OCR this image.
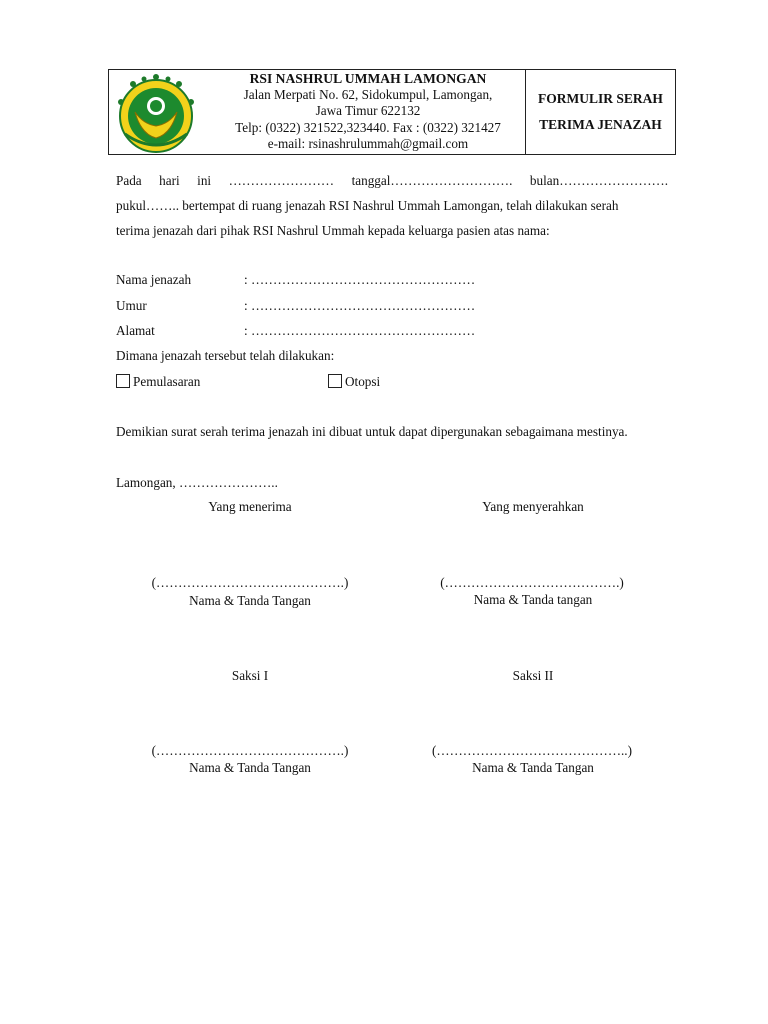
RSI NASHRUL UMMAH LAMONGAN
Jalan Merpati No. 62, Sidokumpul, Lamongan,
Jawa Timur 622132
Telp: (0322) 321522,323440. Fax : (0322) 321427
e-mail: rsinashrulummah@gmail.com
FORMULIR SERAH
TERIMA JENAZAH
Pada hari ini …………………… tanggal………………………. bulan…………………….
pukul…….. bertempat di ruang jenazah RSI Nashrul Ummah Lamongan, telah dilakukan serah
terima jenazah dari pihak RSI Nashrul Ummah kepada keluarga pasien atas nama:
Nama jenazah	: ……………………………………………
Umur	: ……………………………………………
Alamat	: ……………………………………………
Dimana jenazah tersebut telah dilakukan:
Pemulasaran	Otopsi
Demikian surat serah terima jenazah ini dibuat untuk dapat dipergunakan sebagaimana mestinya.
Lamongan, …………………..
Yang menerima	Yang menyerahkan
(…………………………………….)	(………………………………….)
Nama & Tanda Tangan	Nama & Tanda tangan
Saksi I	Saksi II
(…………………………………….)	(……………………………………..)
Nama & Tanda Tangan	Nama & Tanda Tangan
